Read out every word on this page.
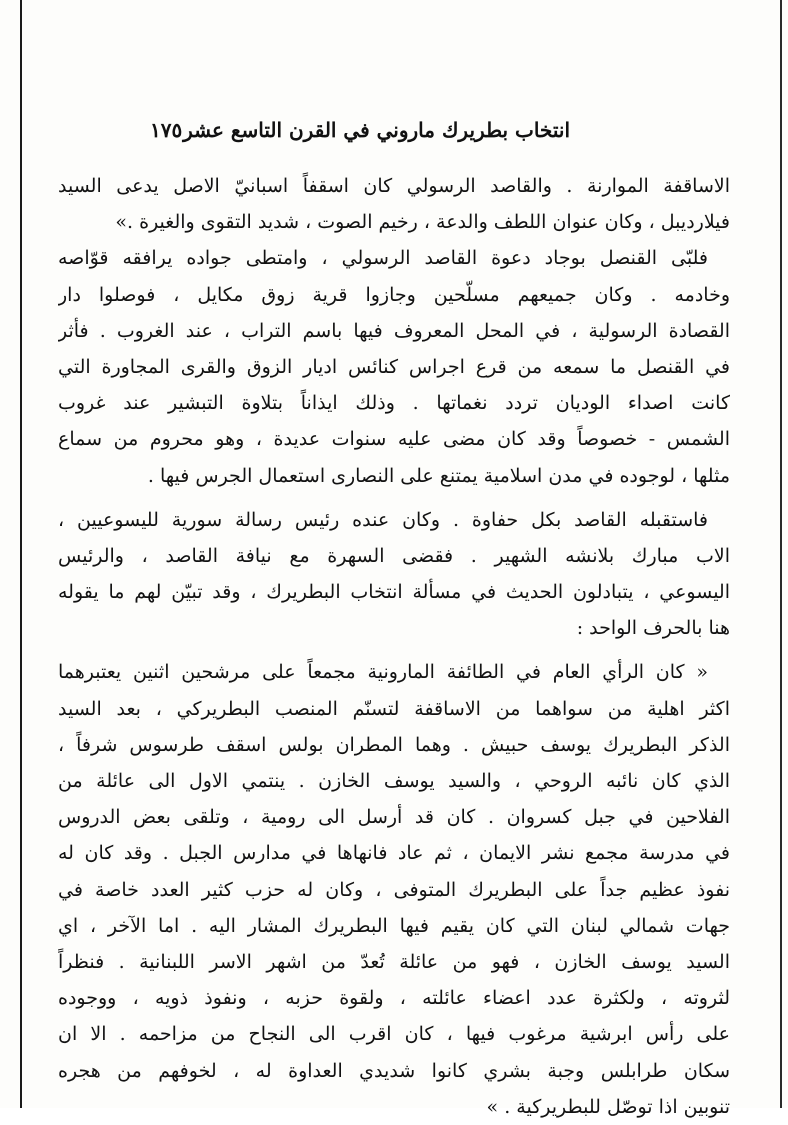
انتخاب بطريرك ماروني في القرن التاسع عشر
١٧٥
الاساقفة الموارنة . والقاصد الرسولي كان اسقفاً اسبانيّ الاصل يدعى السيد
فيلارديبل ، وكان عنوان اللطف والدعة ، رخيم الصوت ، شديد التقوى والغيرة .»
فلبّى القنصل بوجاد دعوة القاصد الرسولي ، وامتطى جواده يرافقه قوّاصه
وخادمه . وكان جميعهم مسلّحين وجازوا قرية زوق مكايل ، فوصلوا دار
القصادة الرسولية ، في المحل المعروف فيها باسم التراب ، عند الغروب . فأثر
في القنصل ما سمعه من قرع اجراس كنائس اديار الزوق والقرى المجاورة التي
كانت اصداء الوديان تردد نغماتها . وذلك ايذاناً بتلاوة التبشير عند غروب
الشمس - خصوصاً وقد كان مضى عليه سنوات عديدة ، وهو محروم من سماع
مثلها ، لوجوده في مدن اسلامية يمتنع على النصارى استعمال الجرس فيها .
فاستقبله القاصد بكل حفاوة . وكان عنده رئيس رسالة سورية لليسوعيين ،
الاب مبارك بلانشه الشهير . فقضى السهرة مع نيافة القاصد ، والرئيس
اليسوعي ، يتبادلون الحديث في مسألة انتخاب البطريرك ، وقد تبيّن لهم ما يقوله
هنا بالحرف الواحد :
« كان الرأي العام في الطائفة المارونية مجمعاً على مرشحين اثنين يعتبرهما
اكثر اهلية من سواهما من الاساقفة لتسنّم المنصب البطريركي ، بعد السيد
الذكر البطريرك يوسف حبيش . وهما المطران بولس اسقف طرسوس شرفاً ،
الذي كان نائبه الروحي ، والسيد يوسف الخازن . ينتمي الاول الى عائلة من
الفلاحين في جبل كسروان . كان قد أرسل الى رومية ، وتلقى بعض الدروس
في مدرسة مجمع نشر الايمان ، ثم عاد فانهاها في مدارس الجبل . وقد كان له
نفوذ عظيم جداً على البطريرك المتوفى ، وكان له حزب كثير العدد خاصة في
جهات شمالي لبنان التي كان يقيم فيها البطريرك المشار اليه . اما الآخر ، اي
السيد يوسف الخازن ، فهو من عائلة تُعدّ من اشهر الاسر اللبنانية . فنظراً
لثروته ، ولكثرة عدد اعضاء عائلته ، ولقوة حزبه ، ونفوذ ذويه ، ووجوده
على رأس ابرشية مرغوب فيها ، كان اقرب الى النجاح من مزاحمه . الا ان
سكان طرابلس وجبة بشري كانوا شديدي العداوة له ، لخوفهم من هجره
تنوبين اذا توصّل للبطريركية . »
